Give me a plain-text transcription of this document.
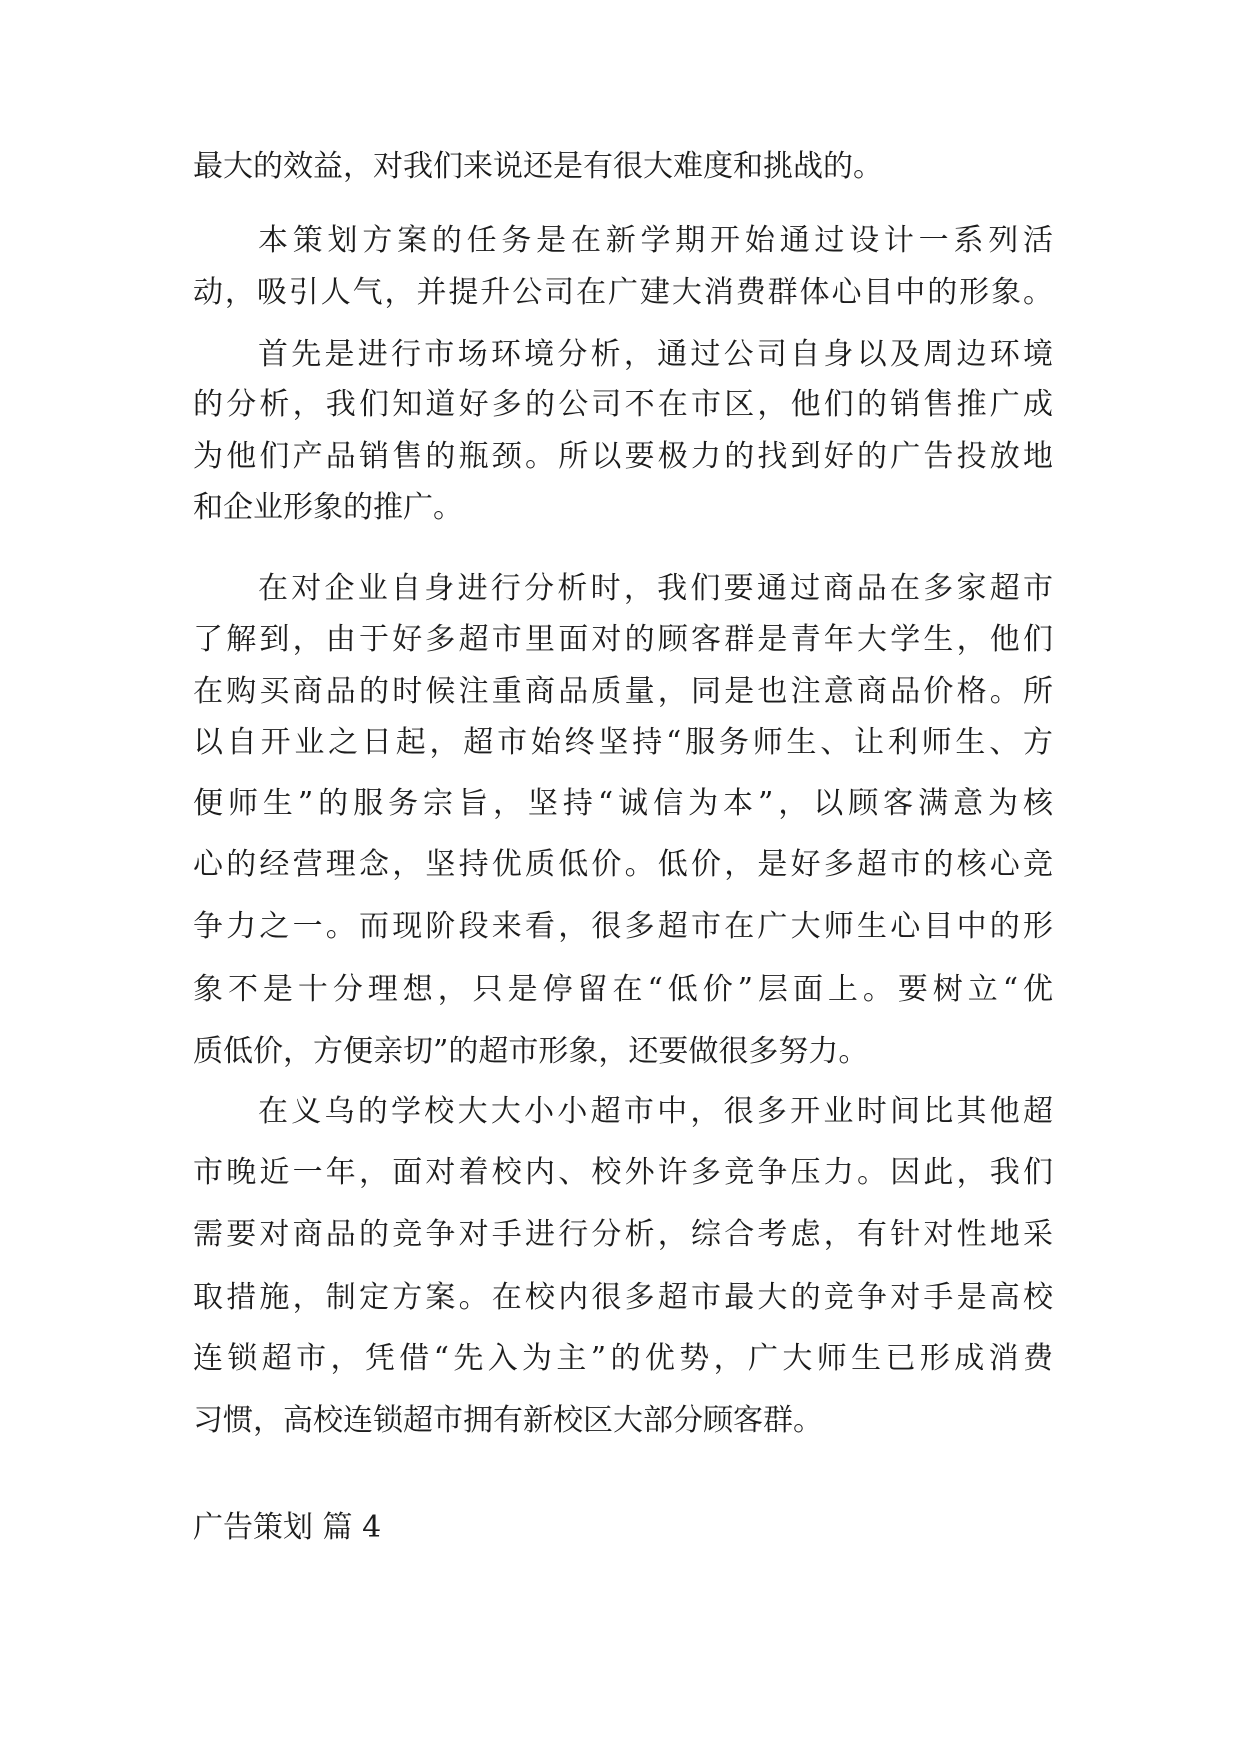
最大的效益，对我们来说还是有很大难度和挑战的。
本策划方案的任务是在新学期开始通过设计一系列活
动，吸引人气，并提升公司在广建大消费群体心目中的形象。
首先是进行市场环境分析，通过公司自身以及周边环境
的分析，我们知道好多的公司不在市区，他们的销售推广成
为他们产品销售的瓶颈。所以要极力的找到好的广告投放地
和企业形象的推广。
在对企业自身进行分析时，我们要通过商品在多家超市
了解到，由于好多超市里面对的顾客群是青年大学生，他们
在购买商品的时候注重商品质量，同是也注意商品价格。所
以自开业之日起，超市始终坚持“服务师生、让利师生、方
便师生”的服务宗旨，坚持“诚信为本”，以顾客满意为核
心的经营理念，坚持优质低价。低价，是好多超市的核心竞
争力之一。而现阶段来看，很多超市在广大师生心目中的形
象不是十分理想，只是停留在“低价”层面上。要树立“优
质低价，方便亲切”的超市形象，还要做很多努力。
在义乌的学校大大小小超市中，很多开业时间比其他超
市晚近一年，面对着校内、校外许多竞争压力。因此，我们
需要对商品的竞争对手进行分析，综合考虑，有针对性地采
取措施，制定方案。在校内很多超市最大的竞争对手是高校
连锁超市，凭借“先入为主”的优势，广大师生已形成消费
习惯，高校连锁超市拥有新校区大部分顾客群。
广告策划 篇 4
